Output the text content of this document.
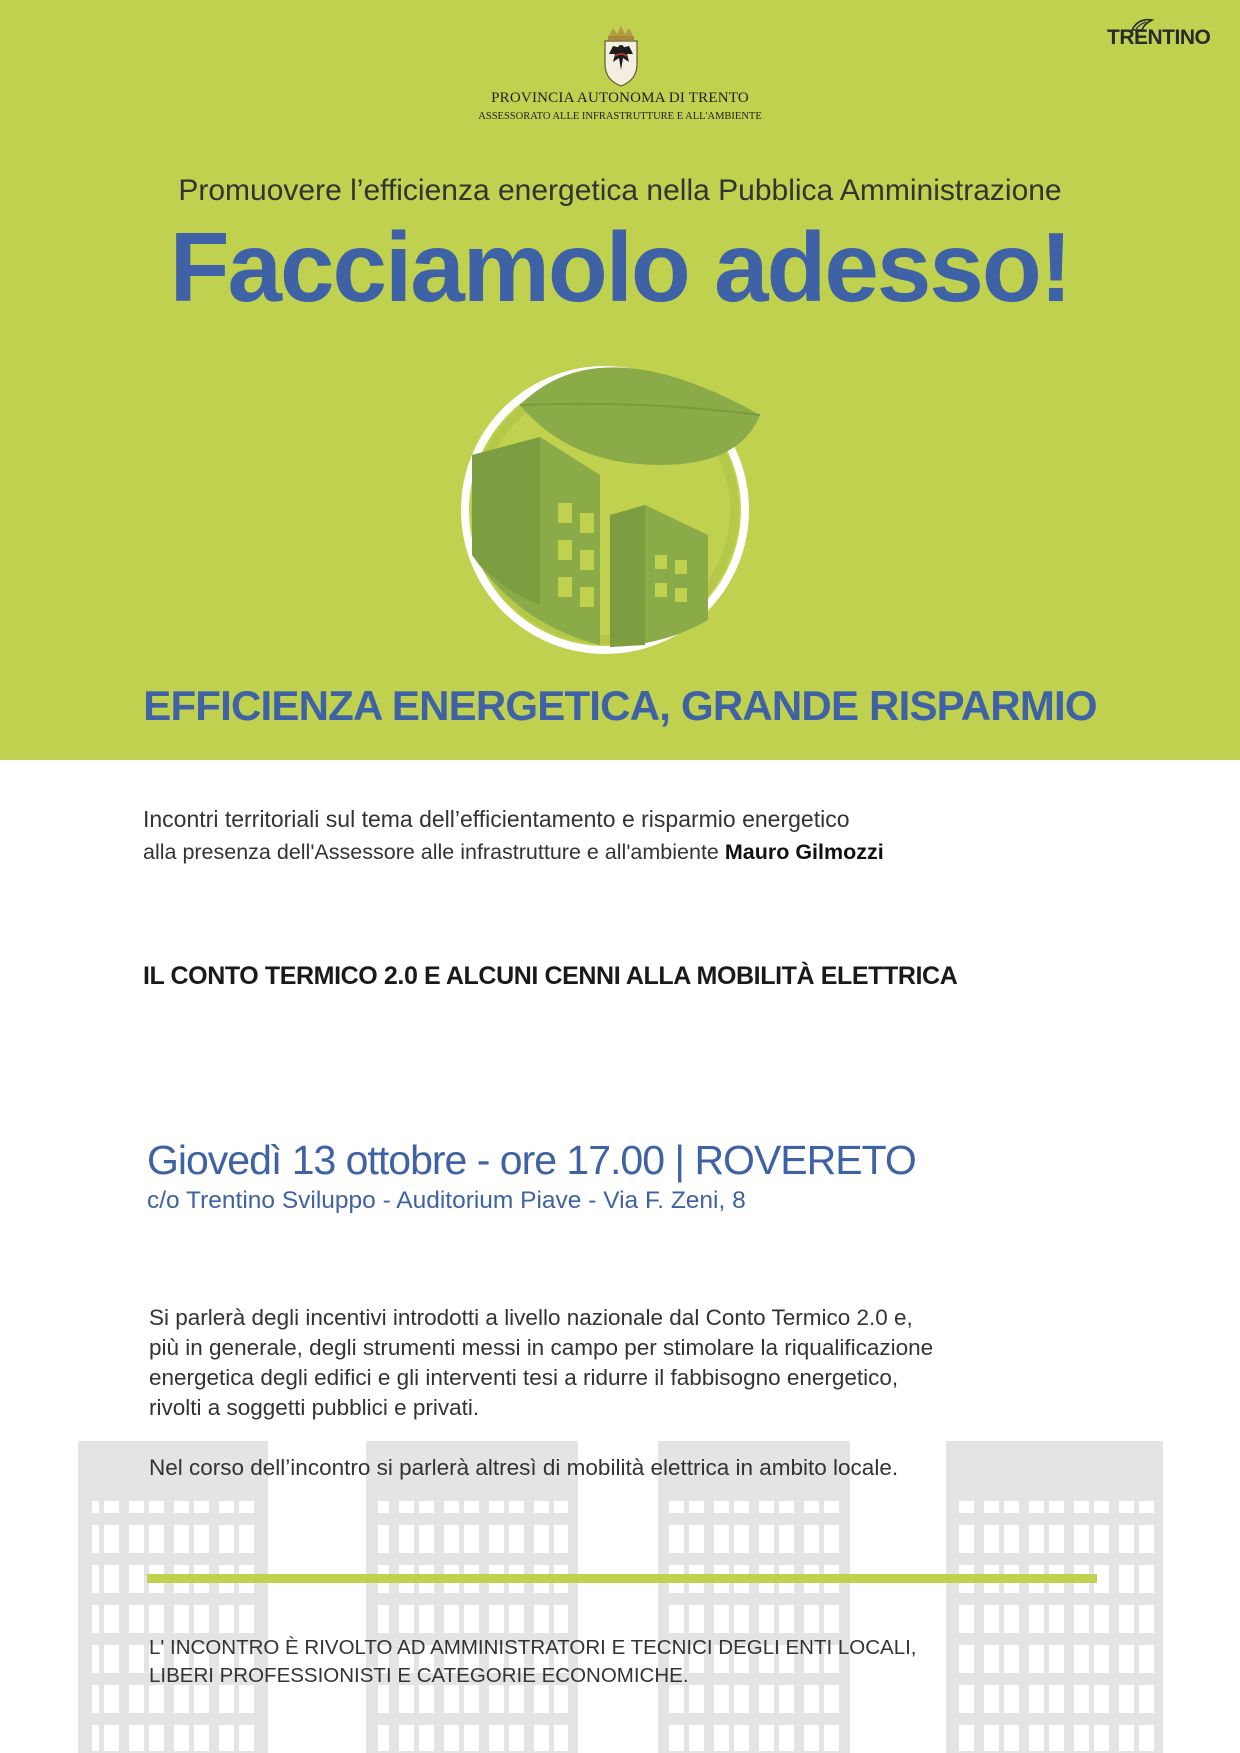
PROVINCIA AUTONOMA DI TRENTO
ASSESSORATO ALLE INFRASTRUTTURE E ALL'AMBIENTE
TRENTINO
Promuovere l’efficienza energetica nella Pubblica Amministrazione
Facciamolo adesso!
EFFICIENZA ENERGETICA, GRANDE RISPARMIO
Incontri territoriali sul tema dell’efficientamento e risparmio energetico
alla presenza dell'Assessore alle infrastrutture e all'ambiente Mauro Gilmozzi
IL CONTO TERMICO 2.0 E ALCUNI CENNI ALLA MOBILITÀ ELETTRICA
Giovedì 13 ottobre - ore 17.00 | ROVERETO
c/o Trentino Sviluppo - Auditorium Piave - Via F. Zeni, 8

Si parlerà degli incentivi introdotti a livello nazionale dal Conto Termico 2.0 e,

più in generale, degli strumenti messi in campo per stimolare la riqualificazione

energetica degli edifici e gli interventi tesi a ridurre il fabbisogno energetico,

rivolti a soggetti pubblici e privati.

Nel corso dell’incontro si parlerà altresì di mobilità elettrica in ambito locale.

L' INCONTRO È RIVOLTO AD AMMINISTRATORI E TECNICI DEGLI ENTI LOCALI,

LIBERI PROFESSIONISTI E CATEGORIE ECONOMICHE.
